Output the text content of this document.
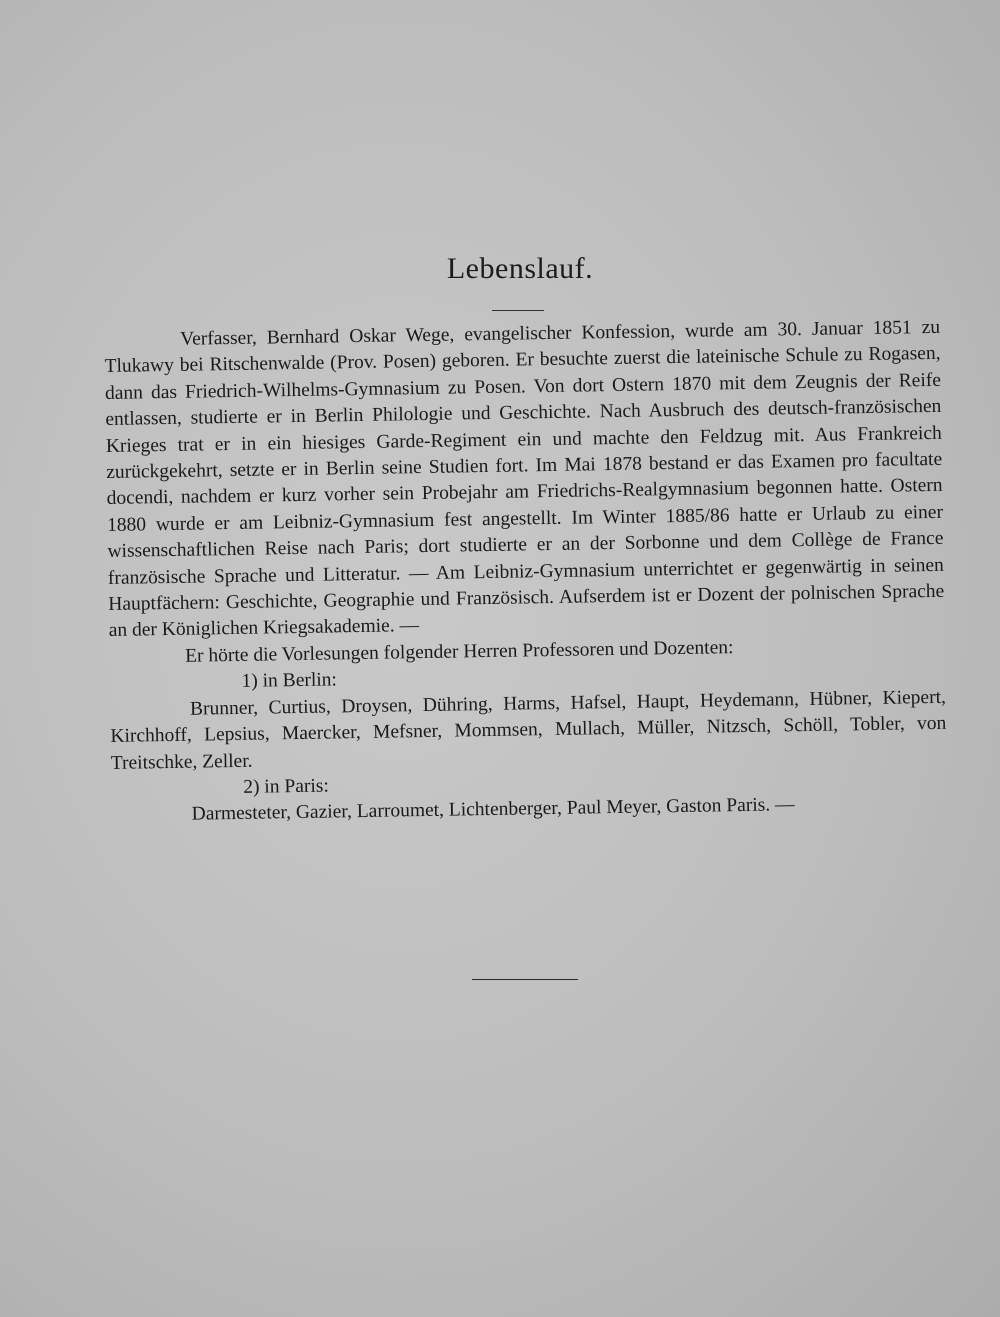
Lebenslauf.

Verfasser, Bernhard Oskar Wege, evangelischer Konfession, wurde am 30. Januar 1851 zu Tlukawy bei Ritschenwalde (Prov. Posen) geboren. Er besuchte zuerst die lateinische Schule zu Rogasen, dann das Friedrich-Wilhelms-Gymnasium zu Posen. Von dort Ostern 1870 mit dem Zeugnis der Reife entlassen, studierte er in Berlin Philologie und Geschichte. Nach Ausbruch des deutsch-französischen Krieges trat er in ein hiesiges Garde-Regiment ein und machte den Feldzug mit. Aus Frankreich zurückgekehrt, setzte er in Berlin seine Studien fort. Im Mai 1878 bestand er das Examen pro facultate docendi, nachdem er kurz vorher sein Probejahr am Friedrichs-Realgymnasium begonnen hatte. Ostern 1880 wurde er am Leibniz-Gymnasium fest angestellt. Im Winter 1885/86 hatte er Urlaub zu einer wissenschaftlichen Reise nach Paris; dort studierte er an der Sorbonne und dem Collège de France französische Sprache und Litteratur. — Am Leibniz-Gymnasium unterrichtet er gegenwärtig in seinen Hauptfächern: Geschichte, Geographie und Französisch. Aufserdem ist er Dozent der polnischen Sprache an der Königlichen Kriegsakademie. —

Er hörte die Vorlesungen folgender Herren Professoren und Dozenten:

1) in Berlin:

Brunner, Curtius, Droysen, Dühring, Harms, Hafsel, Haupt, Heydemann, Hübner, Kiepert, Kirchhoff, Lepsius, Maercker, Mefsner, Mommsen, Mullach, Müller, Nitzsch, Schöll, Tobler, von Treitschke, Zeller.

2) in Paris:

Darmesteter, Gazier, Larroumet, Lichtenberger, Paul Meyer, Gaston Paris. —
